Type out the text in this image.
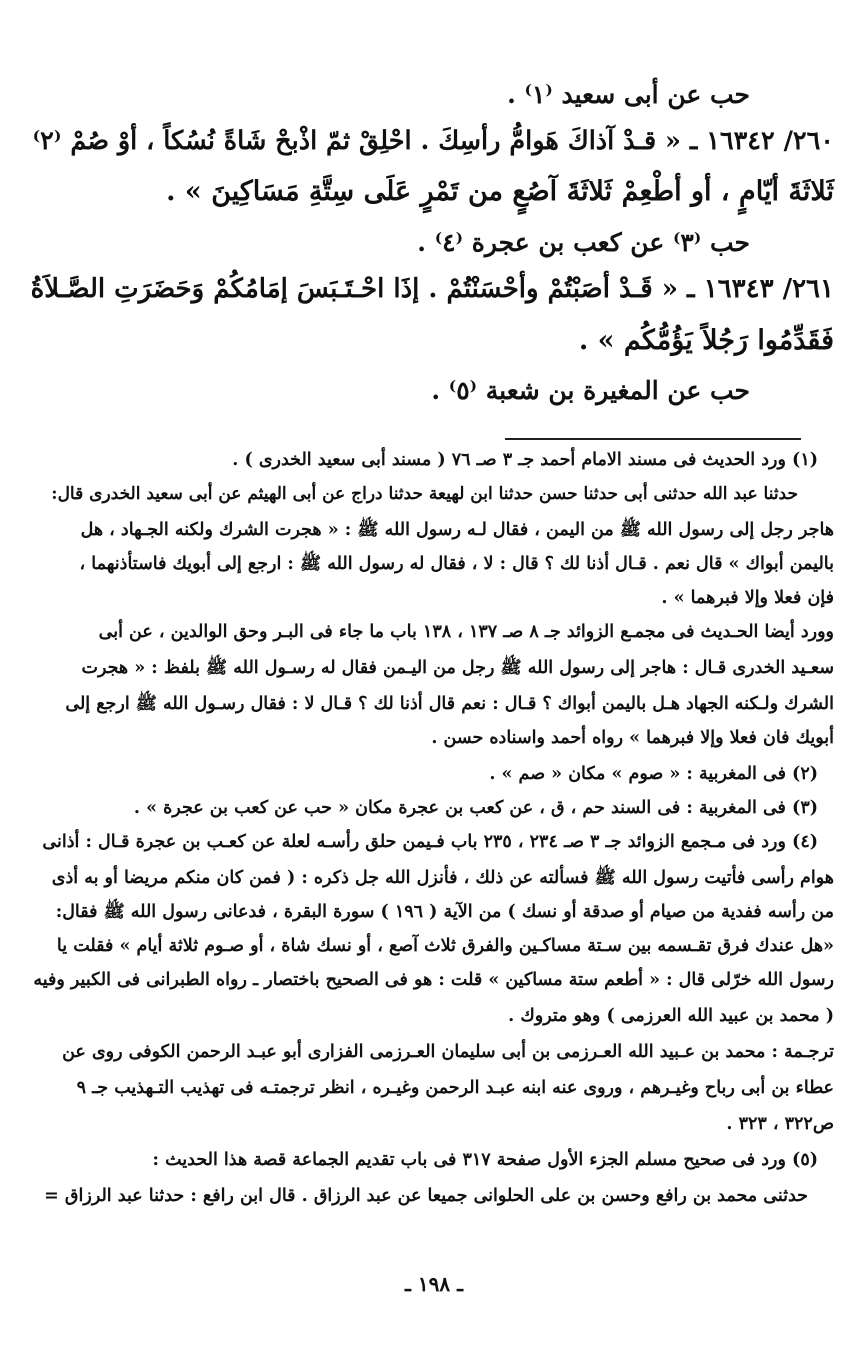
حب عن أبى سعيد ⁽١⁾ .
٢٦٠/ ١٦٣٤٢ ـ « قـدْ آذاكَ هَوامُّ رأسِكَ . احْلِقْ ثمّ اذْبحْ شَاةً نُسُكاً ، أوْ صُمْ ⁽٢⁾
ثَلاثَةَ أيّامٍ ، أو أطْعِمْ ثَلاثَةَ آصُعٍ من تَمْرٍ عَلَى سِتَّةِ مَسَاكِينَ » .
حب ⁽٣⁾ عن كعب بن عجرة ⁽٤⁾ .
٢٦١/ ١٦٣٤٣ ـ « قَـدْ أصَبْتُمْ وأحْسَنْتُمْ . إذَا احْـتَـبَسَ إمَامُكُمْ وَحَضَرَتِ الصَّـلاَةُ
فَقَدِّمُوا رَجُلاً يَؤُمُّكُم » .
حب عن المغيرة بن شعبة ⁽٥⁾ .
(١) ورد الحديث فى مسند الامام أحمد جـ ٣ صـ ٧٦ ( مسند أبى سعيد الخدرى ) .
حدثنا عبد الله حدثنى أبى حدثنا حسن حدثنا ابن لهيعة حدثنا دراج عن أبى الهيثم عن أبى سعيد الخدرى قال:
هاجر رجل إلى رسول الله ﷺ من اليمن ، فقال لـه رسول الله ﷺ : « هجرت الشرك ولكنه الجـهاد ، هل
باليمن أبواك » قال نعم . قـال أذنا لك ؟ قال : لا ، فقال له رسول الله ﷺ : ارجع إلى أبويك فاستأذنهما ،
فإن فعلا وإلا فبرهما » .
وورد أيضا الحـديث فى مجمـع الزوائد جـ ٨ صـ ١٣٧ ، ١٣٨ باب ما جاء فى البـر وحق الوالدين ، عن أبى
سعـيد الخدرى قـال : هاجر إلى رسول الله ﷺ رجل من اليـمن فقال له رسـول الله ﷺ بلفظ : « هجرت
الشرك ولـكنه الجهاد هـل باليمن أبواك ؟ قـال : نعم قال أذنا لك ؟ قـال لا : فقال رسـول الله ﷺ ارجع إلى
أبويك فان فعلا وإلا فبرهما » رواه أحمد واسناده حسن .
(٢) فى المغربية : « صوم » مكان « صم » .
(٣) فى المغربية : فى السند حم ، ق ، عن كعب بن عجرة مكان « حب عن كعب بن عجرة » .
(٤) ورد فى مـجمع الزوائد جـ ٣ صـ ٢٣٤ ، ٢٣٥ باب فـيمن حلق رأسـه لعلة عن كعـب بن عجرة قـال : أذانى
هوام رأسى فأتيت رسول الله ﷺ فسألته عن ذلك ، فأنزل الله جل ذكره : ( فمن كان منكم مريضا أو به أذى
من رأسه ففدية من صيام أو صدقة أو نسك ) من الآية ( ١٩٦ ) سورة البقرة ، فدعانى رسول الله ﷺ فقال:
«هل عندك فرق تقـسمه بين سـتة مساكـين والفرق ثلاث آصع ، أو نسك شاة ، أو صـوم ثلاثة أيام » فقلت يا
رسول الله خرّلى قال : « أطعم ستة مساكين » قلت : هو فى الصحيح باختصار ـ رواه الطبرانى فى الكبير وفيه
( محمد بن عبيد الله العرزمى ) وهو متروك .
ترجـمة : محمد بن عـبيد الله العـرزمى بن أبى سليمان العـرزمى الفزارى أبو عبـد الرحمن الكوفى روى عن
عطاء بن أبى رباح وغيـرهم ، وروى عنه ابنه عبـد الرحمن وغيـره ، انظر ترجمتـه فى تهذيب التـهذيب جـ ٩
ص٣٢٢ ، ٣٢٣ .
(٥) ورد فى صحيح مسلم الجزء الأول صفحة ٣١٧ فى باب تقديم الجماعة قصة هذا الحديث :
حدثنى محمد بن رافع وحسن بن على الحلوانى جميعا عن عبد الرزاق . قال ابن رافع : حدثنا عبد الرزاق =
ـ ١٩٨ ـ
